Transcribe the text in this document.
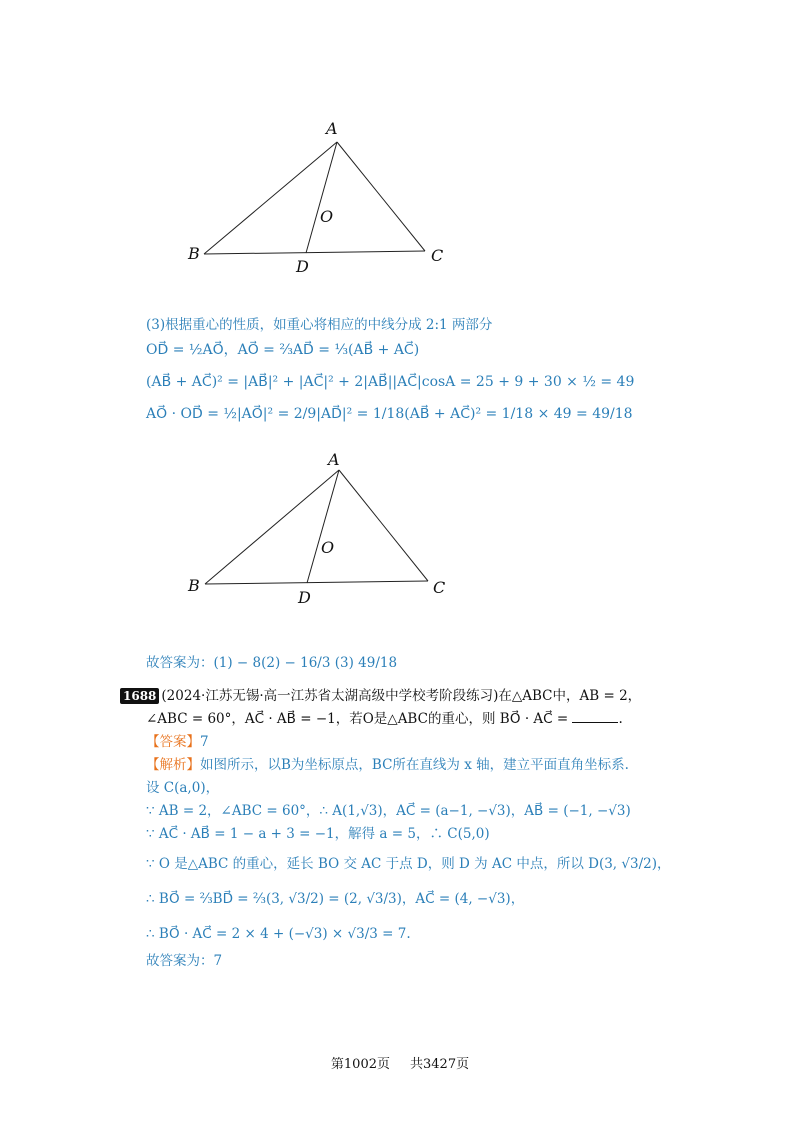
A
B	C
D
O
(3)根据重心的性质，如重心将相应的中线分成 2:1 两部分
OD⃗ = ½AO⃗，AO⃗ = ⅔AD⃗ = ⅓(AB⃗ + AC⃗)
(AB⃗ + AC⃗)² = |AB⃗|² + |AC⃗|² + 2|AB⃗||AC⃗|cosA = 25 + 9 + 30 × ½ = 49
AO⃗ · OD⃗ = ½|AO⃗|² = 2/9|AD⃗|² = 1/18(AB⃗ + AC⃗)² = 1/18 × 49 = 49/18
A
B	C
D
O
故答案为：(1) − 8(2) − 16/3 (3) 49/18
1688 (2024·江苏无锡·高一江苏省太湖高级中学校考阶段练习)在△ABC中，AB = 2，
∠ABC = 60°，AC⃗ · AB⃗ = −1，若O是△ABC的重心，则 BO⃗ · AC⃗ =	.
【答案】7
【解析】如图所示，以B为坐标原点，BC所在直线为 x 轴，建立平面直角坐标系.
设 C(a,0)，
∵ AB = 2，∠ABC = 60°，∴ A(1,√3)，AC⃗ = (a−1, −√3)，AB⃗ = (−1, −√3)
∵ AC⃗ · AB⃗ = 1 − a + 3 = −1，解得 a = 5，∴ C(5,0)
∵ O 是△ABC 的重心，延长 BO 交 AC 于点 D，则 D 为 AC 中点，所以 D(3, √3/2)，
∴ BO⃗ = ⅔BD⃗ = ⅔(3, √3/2) = (2, √3/3)，AC⃗ = (4, −√3)，
∴ BO⃗ · AC⃗ = 2 × 4 + (−√3) × √3/3 = 7.
故答案为：7
第1002页 共3427页
